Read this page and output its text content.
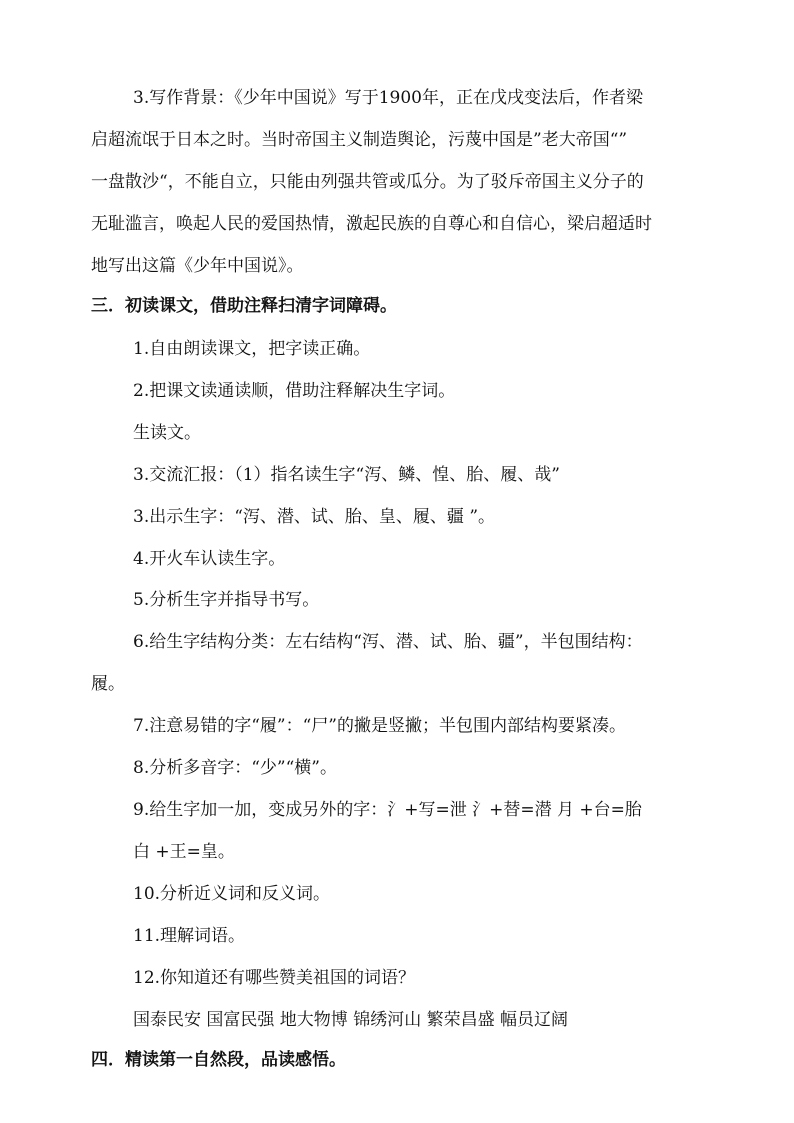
3.写作背景：《少年中国说》写于1900年，正在戊戌变法后，作者梁
启超流氓于日本之时。当时帝国主义制造舆论，污蔑中国是”老大帝国“”
一盘散沙“，不能自立，只能由列强共管或瓜分。为了驳斥帝国主义分子的
无耻滥言，唤起人民的爱国热情，激起民族的自尊心和自信心，梁启超适时
地写出这篇《少年中国说》。
三．初读课文，借助注释扫清字词障碍。
1.自由朗读课文，把字读正确。
2.把课文读通读顺，借助注释解决生字词。
生读文。
3.交流汇报：（1）指名读生字“泻、鳞、惶、胎、履、哉”
3.出示生字：“泻、潜、试、胎、皇、履、疆 ”。
4.开火车认读生字。
5.分析生字并指导书写。
6.给生字结构分类：左右结构“泻、潜、试、胎、疆”，半包围结构：
履。
7.注意易错的字“履”：“尸”的撇是竖撇；半包围内部结构要紧凑。
8.分析多音字：“少”“横”。
9.给生字加一加，变成另外的字：氵+写=泄 氵+替=潜 月 +台=胎
白 +王=皇。
10.分析近义词和反义词。
11.理解词语。
12.你知道还有哪些赞美祖国的词语？
国泰民安 国富民强 地大物博 锦绣河山 繁荣昌盛 幅员辽阔
四．精读第一自然段，品读感悟。
